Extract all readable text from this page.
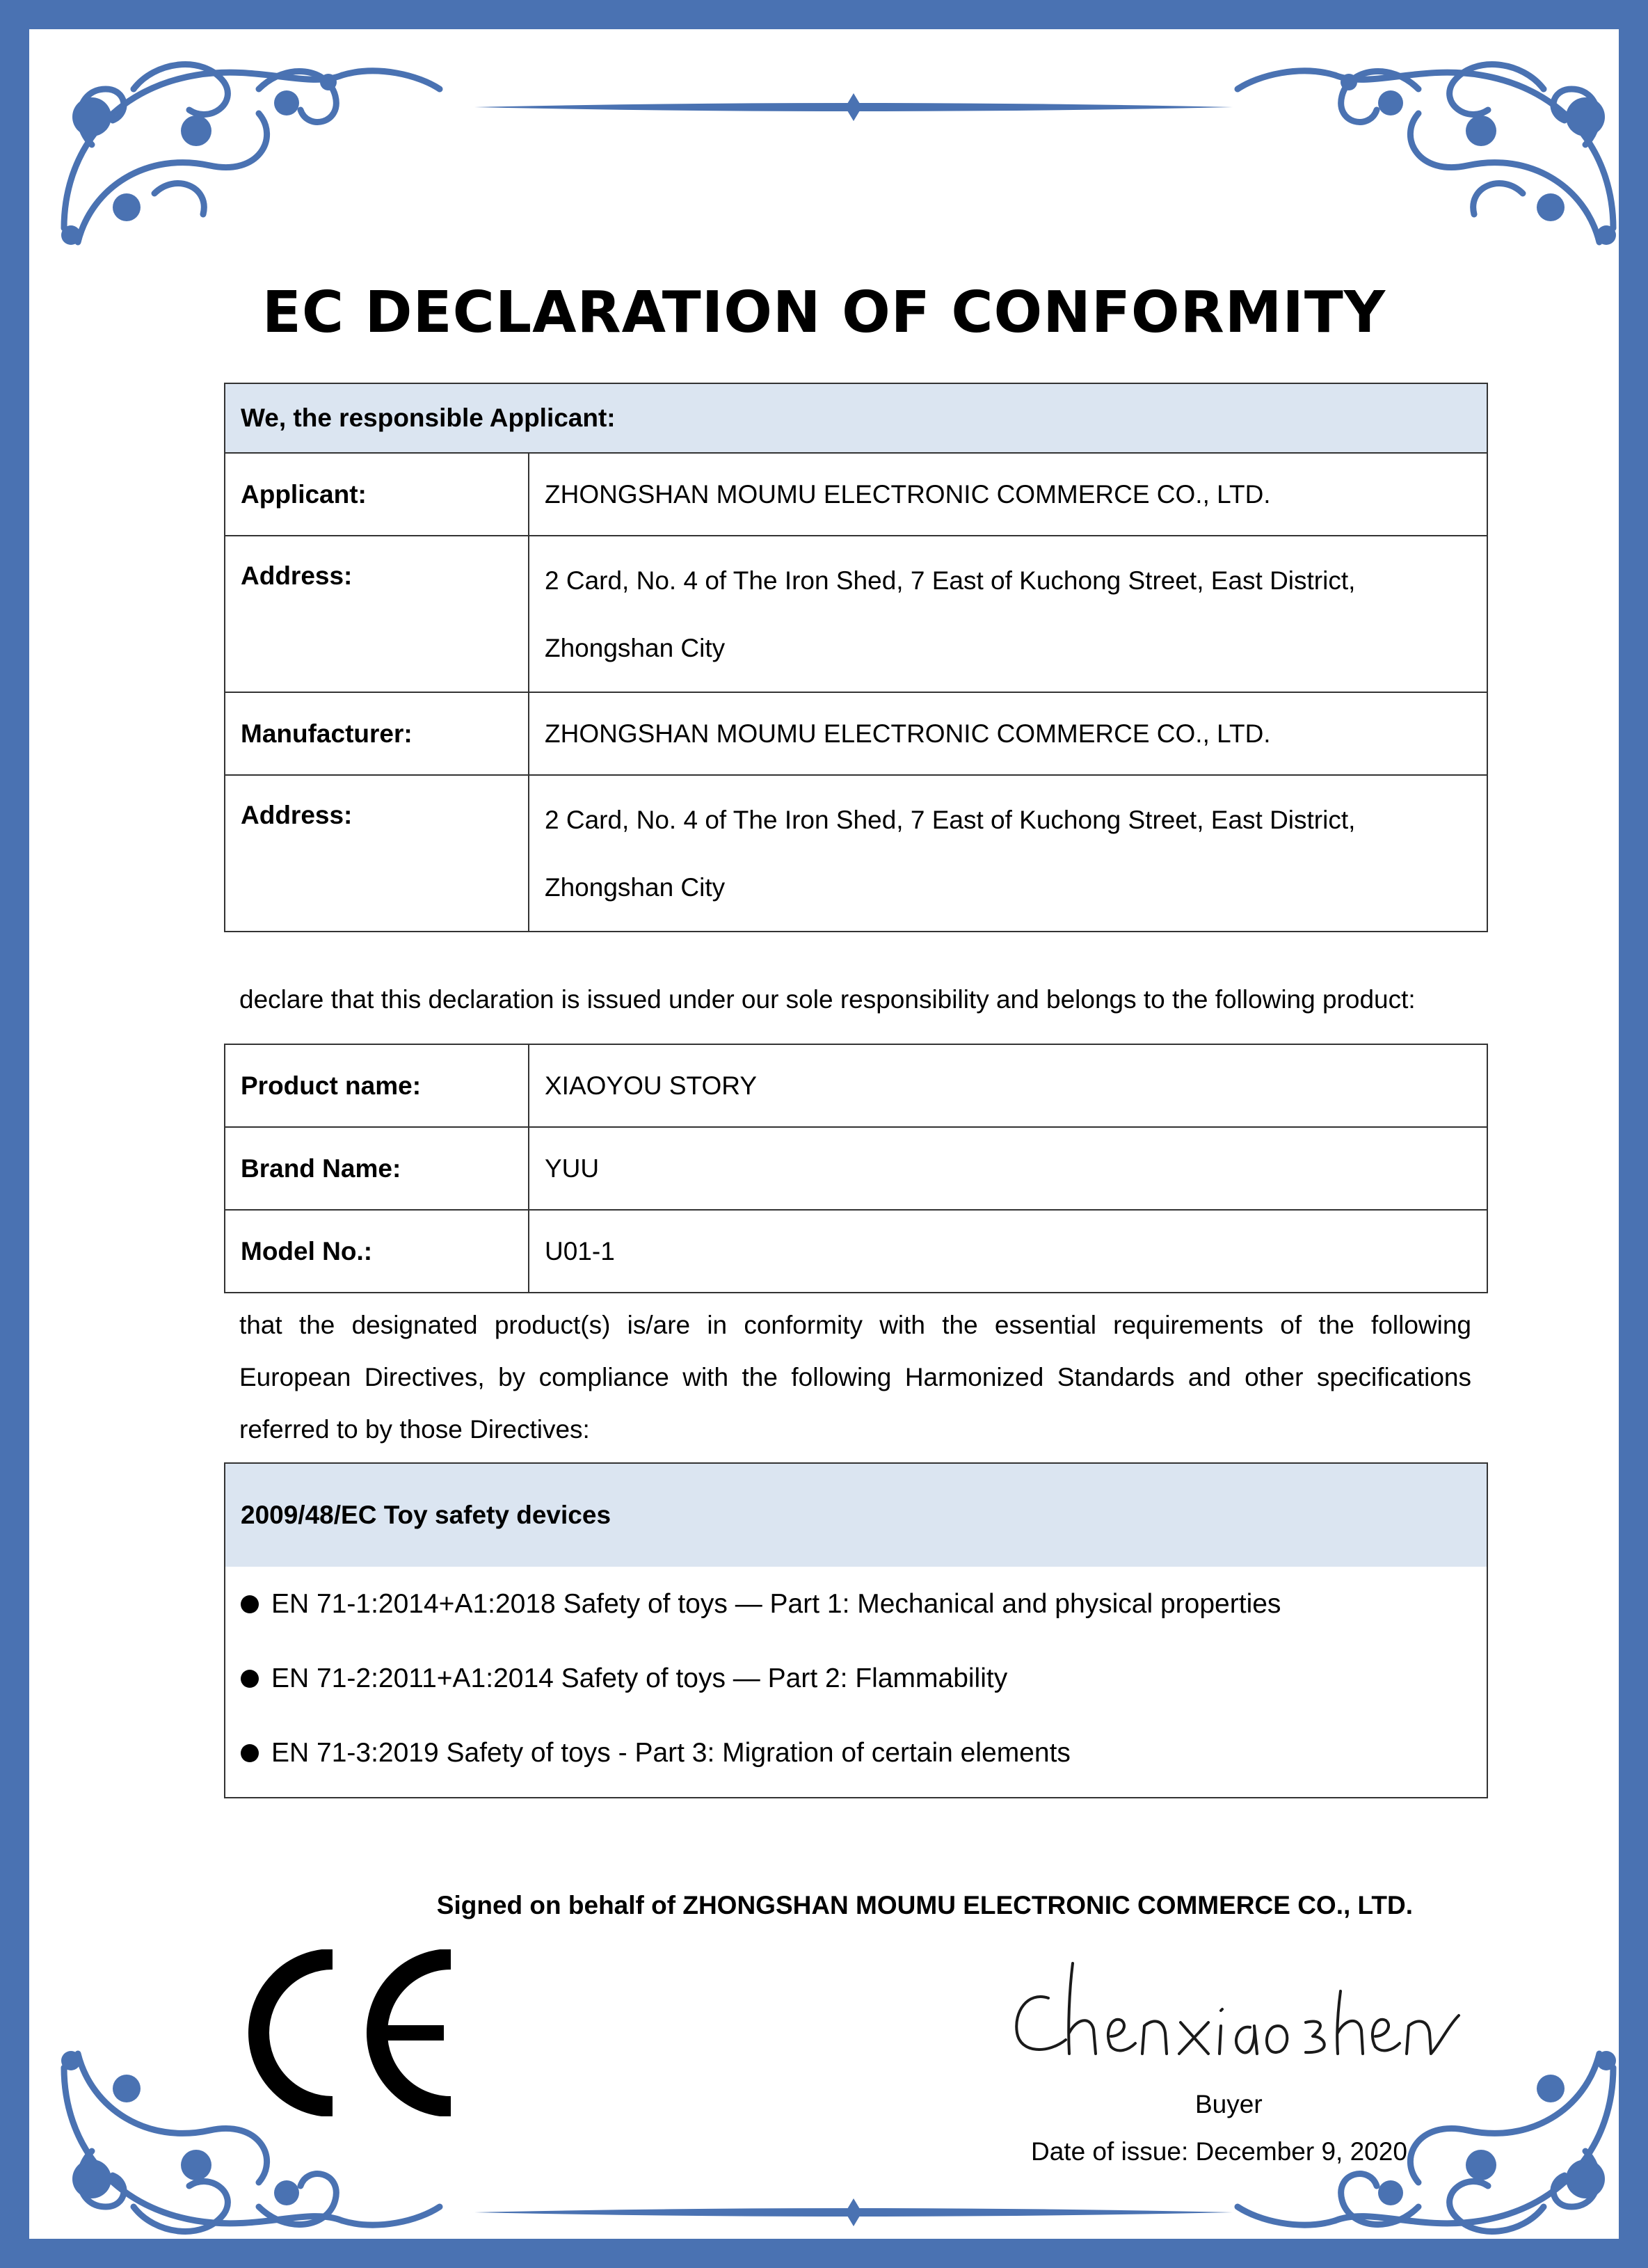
EC DECLARATION OF CONFORMITY
We, the responsible Applicant:	
Applicant:	ZHONGSHAN MOUMU ELECTRONIC COMMERCE CO., LTD.
Address:	2 Card, No. 4 of The Iron Shed, 7 East of Kuchong Street, East District,
Zhongshan City

Manufacturer:	ZHONGSHAN MOUMU ELECTRONIC COMMERCE CO., LTD.
Address:	2 Card, No. 4 of The Iron Shed, 7 East of Kuchong Street, East District,
Zhongshan City

declare that this declaration is issued under our sole responsibility and belongs to the following product:

Product name:	XIAOYOU STORY
Brand Name:	YUU
Model No.:	U01-1
that the designated product(s) is/are in conformity with the essential requirements of the following
European Directives, by compliance with the following Harmonized Standards and other specifications
referred to by those Directives:
2009/48/EC Toy safety devices
EN 71-1:2014+A1:2018 Safety of toys — Part 1: Mechanical and physical properties
EN 71-2:2011+A1:2014 Safety of toys — Part 2: Flammability
EN 71-3:2019 Safety of toys - Part 3: Migration of certain elements
Signed on behalf of ZHONGSHAN MOUMU ELECTRONIC COMMERCE CO., LTD.
Buyer
Date of issue: December 9, 2020
